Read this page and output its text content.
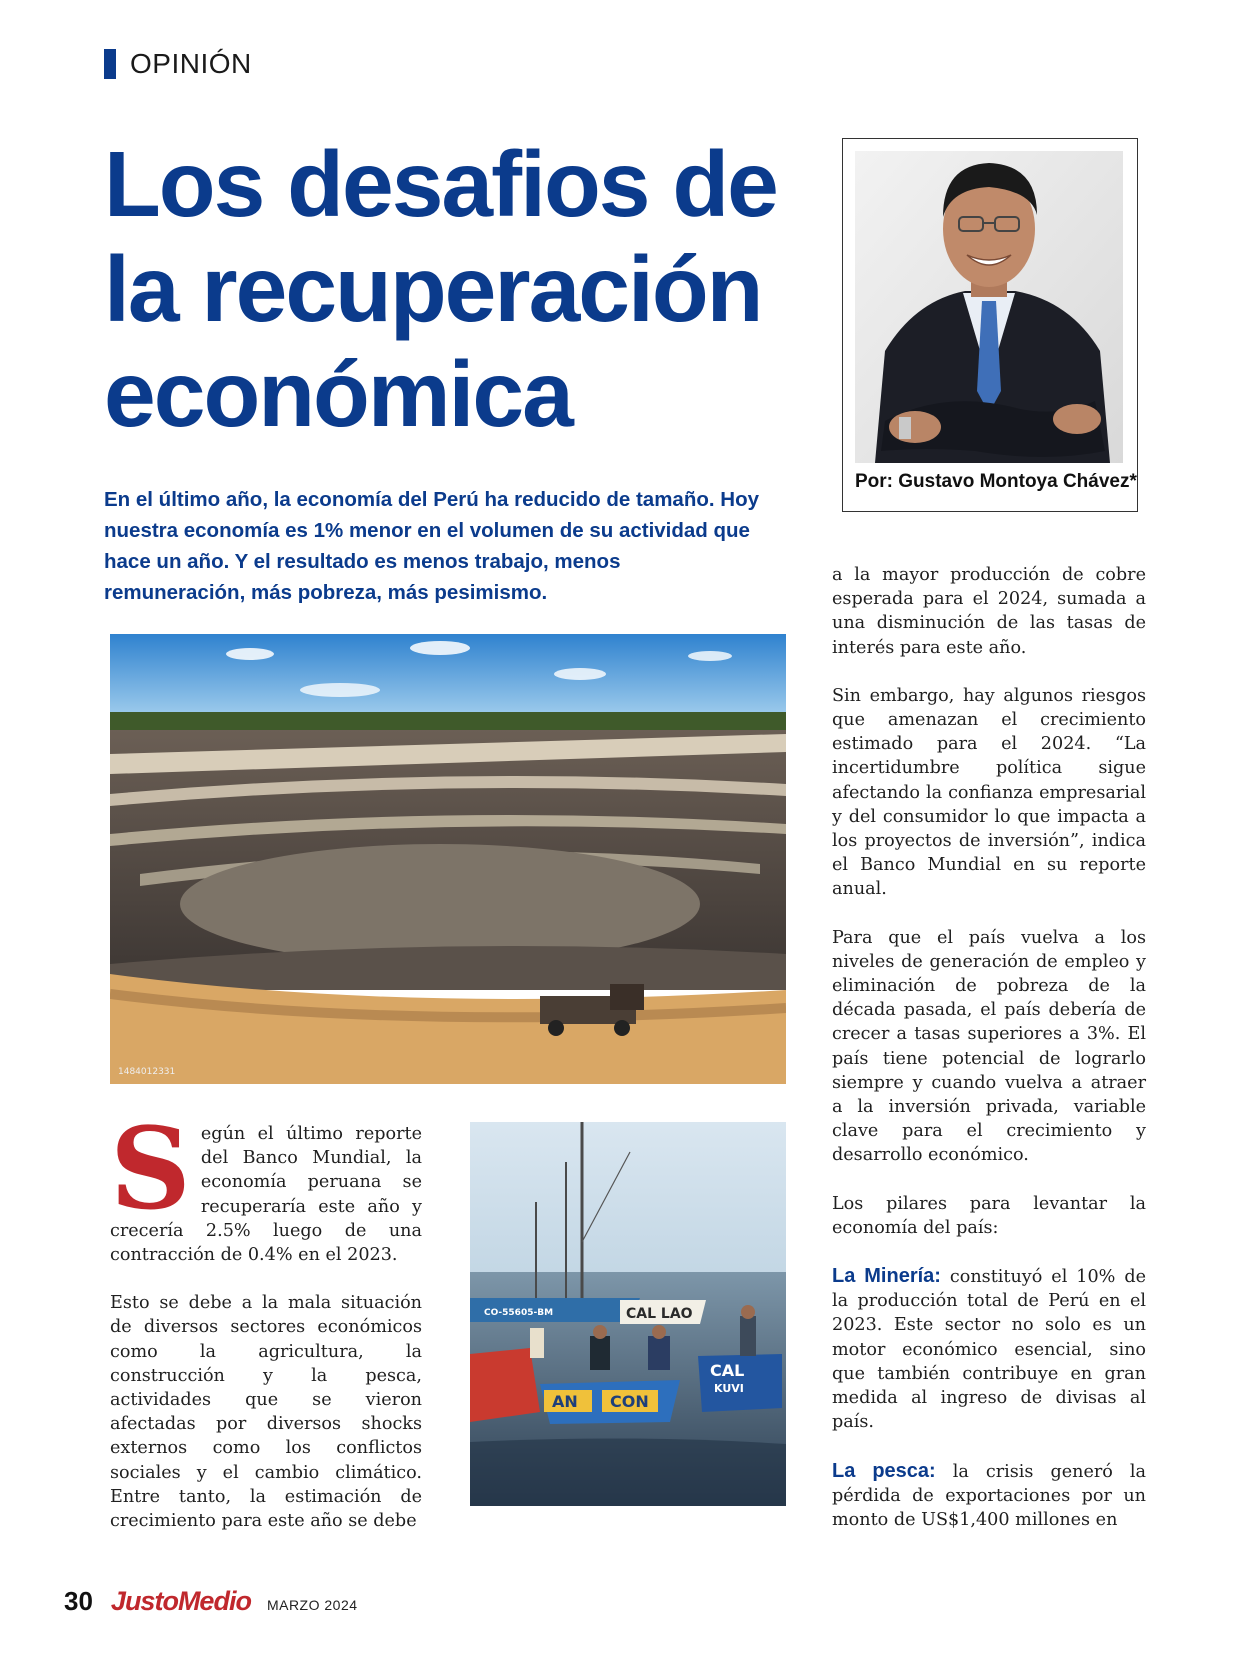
OPINIÓN
Los desafios de
la recuperación
económica

En el último año, la economía del Perú ha reducido de tamaño. Hoy nuestra economía es 1% menor en el volumen de su actividad que hace un año. Y el resultado es menos trabajo, menos remuneración, más pobreza, más pesimismo.

Por: Gustavo Montoya Chávez*
1484012331
CO-55605-BM	CAL LAO
AN CON
CAL
KUVI

S egún el último reporte del Banco Mundial, la economía peruana se recuperaría este año y crecería 2.5% luego de una contracción de 0.4% en el 2023.

Esto se debe a la mala situación de diversos sectores económicos como la agricultura, la construcción y la pesca, actividades que se vieron afectadas por diversos shocks externos como los conflictos sociales y el cambio climático. Entre tanto, la estimación de crecimiento para este año se debe

a la mayor producción de cobre esperada para el 2024, sumada a una disminución de las tasas de interés para este año.

Sin embargo, hay algunos riesgos que amenazan el crecimiento estimado para el 2024. “La incertidumbre política sigue afectando la confianza empresarial y del consumidor lo que impacta a los proyectos de inversión”, indica el Banco Mundial en su reporte anual.

Para que el país vuelva a los niveles de generación de empleo y eliminación de pobreza de la década pasada, el país debería de crecer a tasas superiores a 3%. El país tiene potencial de lograrlo siempre y cuando vuelva a atraer a la inversión privada, variable clave para el crecimiento y desarrollo económico.

Los pilares para levantar la economía del país:

La Minería: constituyó el 10% de la producción total de Perú en el 2023. Este sector no solo es un motor económico esencial, sino que también contribuye en gran medida al ingreso de divisas al país.

La pesca: la crisis generó la pérdida de exportaciones por un monto de US$1,400 millones en

30 JustoMedio MARZO 2024
